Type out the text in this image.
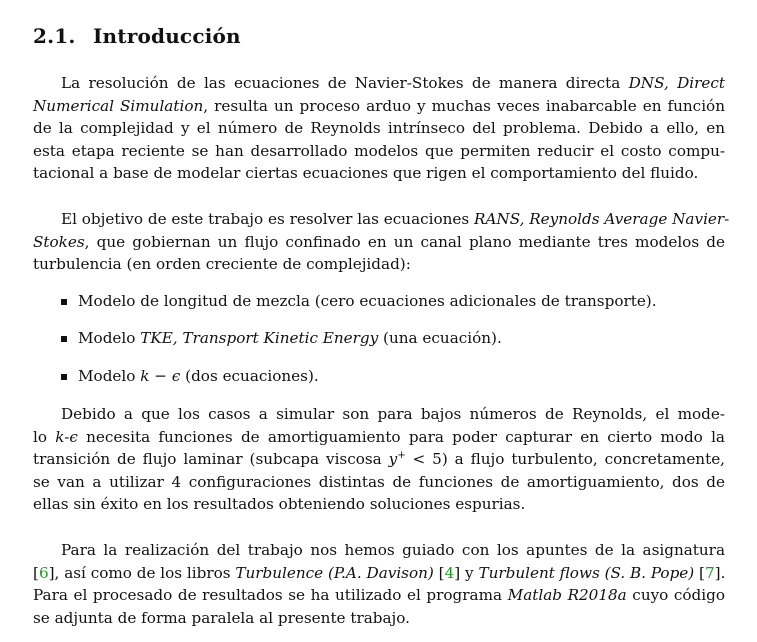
2.1. Introducción
La resolución de las ecuaciones de Navier-Stokes de manera directa DNS, Direct
Numerical Simulation, resulta un proceso arduo y muchas veces inabarcable en función
de la complejidad y el número de Reynolds intrínseco del problema. Debido a ello, en
esta etapa reciente se han desarrollado modelos que permiten reducir el costo compu-
tacional a base de modelar ciertas ecuaciones que rigen el comportamiento del fluido.
El objetivo de este trabajo es resolver las ecuaciones RANS, Reynolds Average Navier-
Stokes, que gobiernan un flujo confinado en un canal plano mediante tres modelos de
turbulencia (en orden creciente de complejidad):
Modelo de longitud de mezcla (cero ecuaciones adicionales de transporte).
Modelo TKE, Transport Kinetic Energy (una ecuación).
Modelo k − ϵ (dos ecuaciones).
Debido a que los casos a simular son para bajos números de Reynolds, el mode-
lo k-ϵ necesita funciones de amortiguamiento para poder capturar en cierto modo la
transición de flujo laminar (subcapa viscosa y+ < 5) a flujo turbulento, concretamente,
se van a utilizar 4 configuraciones distintas de funciones de amortiguamiento, dos de
ellas sin éxito en los resultados obteniendo soluciones espurias.
Para la realización del trabajo nos hemos guiado con los apuntes de la asignatura
[6], así como de los libros Turbulence (P.A. Davison) [4] y Turbulent flows (S. B. Pope) [7].
Para el procesado de resultados se ha utilizado el programa Matlab R2018a cuyo código
se adjunta de forma paralela al presente trabajo.
